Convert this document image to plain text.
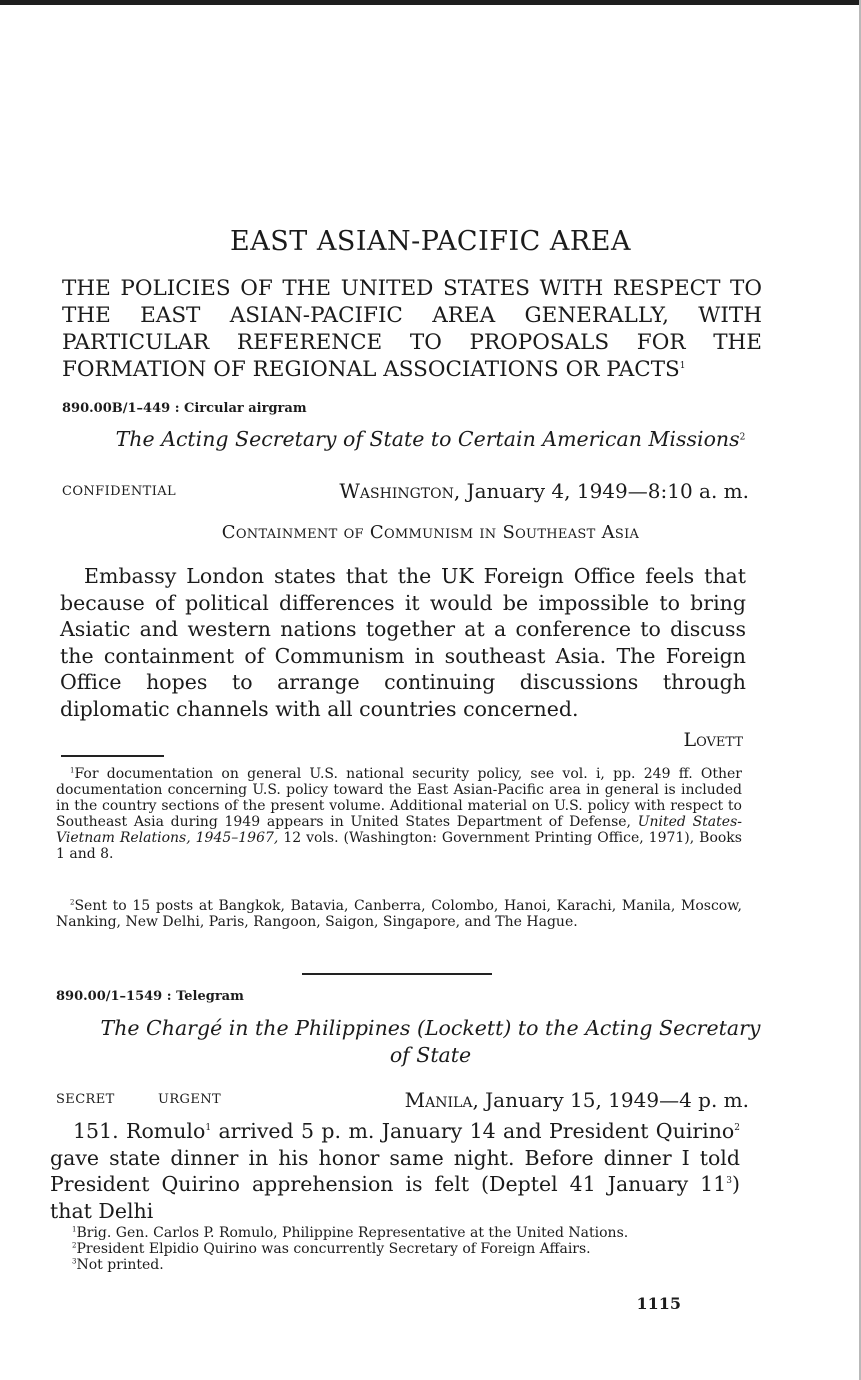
EAST ASIAN-PACIFIC AREA
THE POLICIES OF THE UNITED STATES WITH RESPECT TO THE EAST ASIAN-PACIFIC AREA GENERALLY, WITH PARTICULAR REFERENCE TO PROPOSALS FOR THE FORMATION OF REGIONAL ASSOCIATIONS OR PACTS$^1$
890.00B/1–449 : Circular airgram
The Acting Secretary of State to Certain American Missions$^2$
CONFIDENTIAL	Washington, January 4, 1949—8:10 a. m.
Containment of Communism in Southeast Asia
Embassy London states that the UK Foreign Office feels that because of political differences it would be impossible to bring Asiatic and western nations together at a conference to discuss the containment of Communism in southeast Asia. The Foreign Office hopes to arrange continuing discussions through diplomatic channels with all countries concerned.
Lovett
$^1$For documentation on general U.S. national security policy, see vol. i, pp. 249 ff. Other documentation concerning U.S. policy toward the East Asian-Pacific area in general is included in the country sections of the present volume. Additional material on U.S. policy with respect to Southeast Asia during 1949 appears in United States Department of Defense, United States-Vietnam Relations, 1945–1967, 12 vols. (Washington: Government Printing Office, 1971), Books 1 and 8.
$^2$Sent to 15 posts at Bangkok, Batavia, Canberra, Colombo, Hanoi, Karachi, Manila, Moscow, Nanking, New Delhi, Paris, Rangoon, Saigon, Singapore, and The Hague.
890.00/1–1549 : Telegram
The Chargé in the Philippines (Lockett) to the Acting Secretary
of State
SECRET	URGENT	Manila, January 15, 1949—4 p. m.
151. Romulo$^1$ arrived 5 p. m. January 14 and President Quirino$^2$ gave state dinner in his honor same night. Before dinner I told President Quirino apprehension is felt (Deptel 41 January $11^3$) that Delhi
$^1$Brig. Gen. Carlos P. Romulo, Philippine Representative at the United Nations.
$^2$President Elpidio Quirino was concurrently Secretary of Foreign Affairs.
$^3$Not printed.
1115
